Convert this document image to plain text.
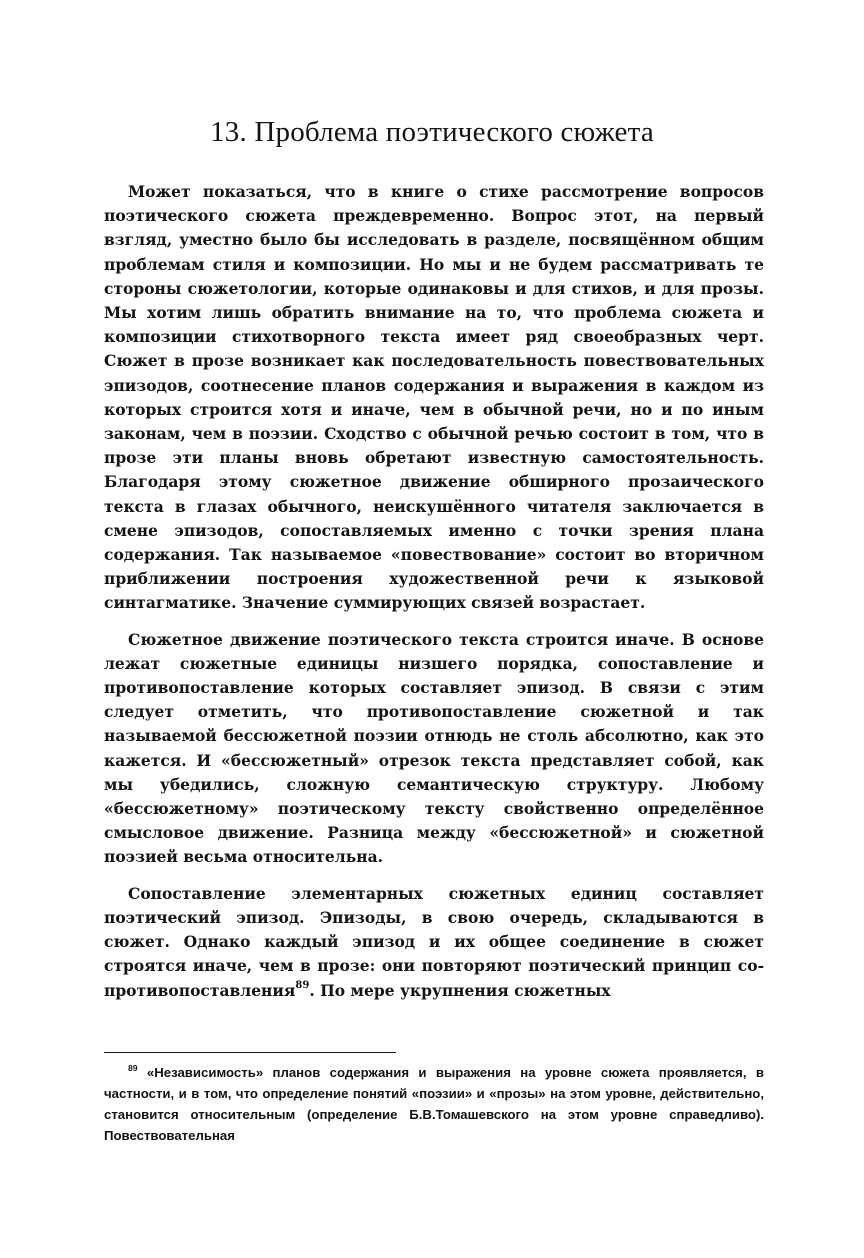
13. Проблема поэтического сюжета

Может показаться, что в книге о стихе рассмотрение вопросов поэтического сюжета преждевременно. Вопрос этот, на первый взгляд, уместно было бы исследовать в разделе, посвящённом общим проблемам стиля и композиции. Но мы и не будем рассматривать те стороны сюжетологии, которые одинаковы и для стихов, и для прозы. Мы хотим лишь обратить внимание на то, что проблема сюжета и композиции стихотворного текста имеет ряд своеобразных черт. Сюжет в прозе возникает как последовательность повествовательных эпизодов, соотнесение планов содержания и выражения в каждом из которых строится хотя и иначе, чем в обычной речи, но и по иным законам, чем в поэзии. Сходство с обычной речью состоит в том, что в прозе эти планы вновь обретают известную самостоятельность. Благодаря этому сюжетное движение обширного прозаического текста в глазах обычного, неискушённого читателя заключается в смене эпизодов, сопоставляемых именно с точки зрения плана содержания. Так называемое «повествование» состоит во вторичном приближении построения художественной речи к языковой синтагматике. Значение суммирующих связей возрастает.

Сюжетное движение поэтического текста строится иначе. В основе лежат сюжетные единицы низшего порядка, сопоставление и противопоставление которых составляет эпизод. В связи с этим следует отметить, что противопоставление сюжетной и так называемой бессюжетной поэзии отнюдь не столь абсолютно, как это кажется. И «бессюжетный» отрезок текста представляет собой, как мы убедились, сложную семантическую структуру. Любому «бессюжетному» поэтическому тексту свойственно определённое смысловое движение. Разница между «бессюжетной» и сюжетной поэзией весьма относительна.

Сопоставление элементарных сюжетных единиц составляет поэтический эпизод. Эпизоды, в свою очередь, складываются в сюжет. Однако каждый эпизод и их общее соединение в сюжет строятся иначе, чем в прозе: они повторяют поэтический принцип со-противопоставления$^{89}$. По мере укрупнения сюжетных

$^{89}$ «Независимость» планов содержания и выражения на уровне сюжета проявляется, в частности, и в том, что определение понятий «поэзии» и «прозы» на этом уровне, действительно, становится относительным (определение Б.В.Томашевского на этом уровне справедливо). Повествовательная
